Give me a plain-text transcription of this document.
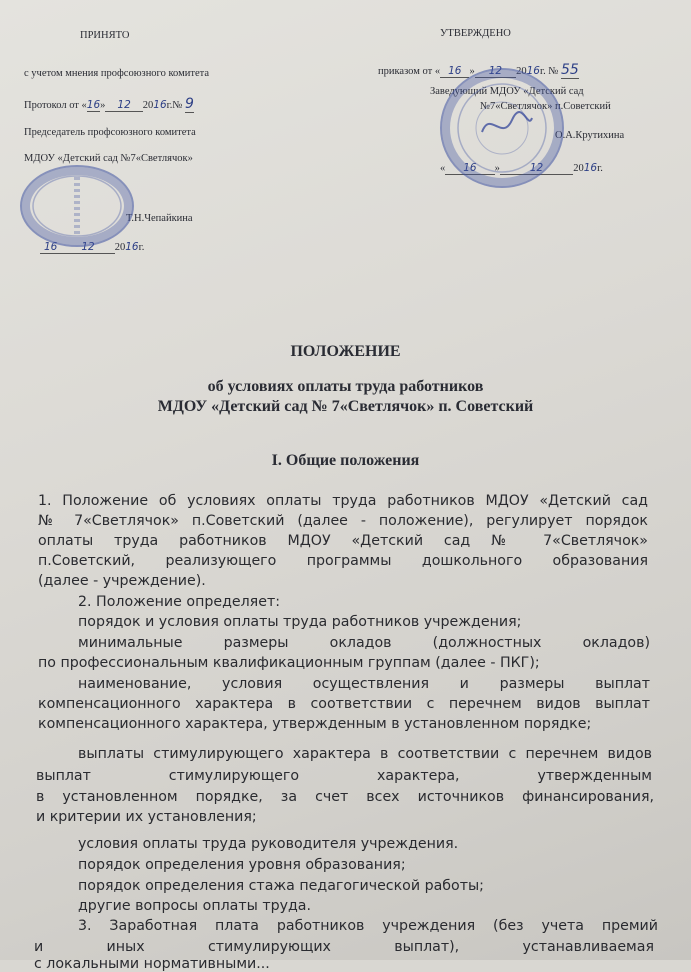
ПРИНЯТО
с учетом мнения профсоюзного комитета
Протокол от «16» 12 2016г.№ 9
Председатель профсоюзного комитета
МДОУ «Детский сад №7«Светлячок»
Т.Н.Чепайкина
16 12 2016г.
УТВЕРЖДЕНО
приказом от « 16 » 12 2016г. № 55
Заведующий МДОУ «Детский сад
№7«Светлячок» п.Советский
О.А.Крутихина
« 16 »	12	2016г.
ПОЛОЖЕНИЕ
об условиях оплаты труда работников
МДОУ «Детский сад № 7«Светлячок» п. Советский
I. Общие положения
1. Положение об условиях оплаты труда работников МДОУ «Детский сад
№ 7«Светлячок» п.Советский (далее - положение), регулирует порядок
оплаты труда работников МДОУ «Детский сад № 7«Светлячок»
п.Советский, реализующего программы дошкольного образования
(далее - учреждение).
2. Положение определяет:
порядок и условия оплаты труда работников учреждения;
минимальные размеры окладов (должностных окладов)
по профессиональным квалификационным группам (далее - ПКГ);
наименование, условия осуществления и размеры выплат
компенсационного характера в соответствии с перечнем видов выплат
компенсационного характера, утвержденным в установленном порядке;
выплаты стимулирующего характера в соответствии с перечнем видов
выплат стимулирующего характера, утвержденным
в установленном порядке, за счет всех источников финансирования,
и критерии их установления;
условия оплаты труда руководителя учреждения.
порядок определения уровня образования;
порядок определения стажа педагогической работы;
другие вопросы оплаты труда.
3. Заработная плата работников учреждения (без учета премий
и иных стимулирующих выплат), устанавливаемая
с локальными нормативными...
